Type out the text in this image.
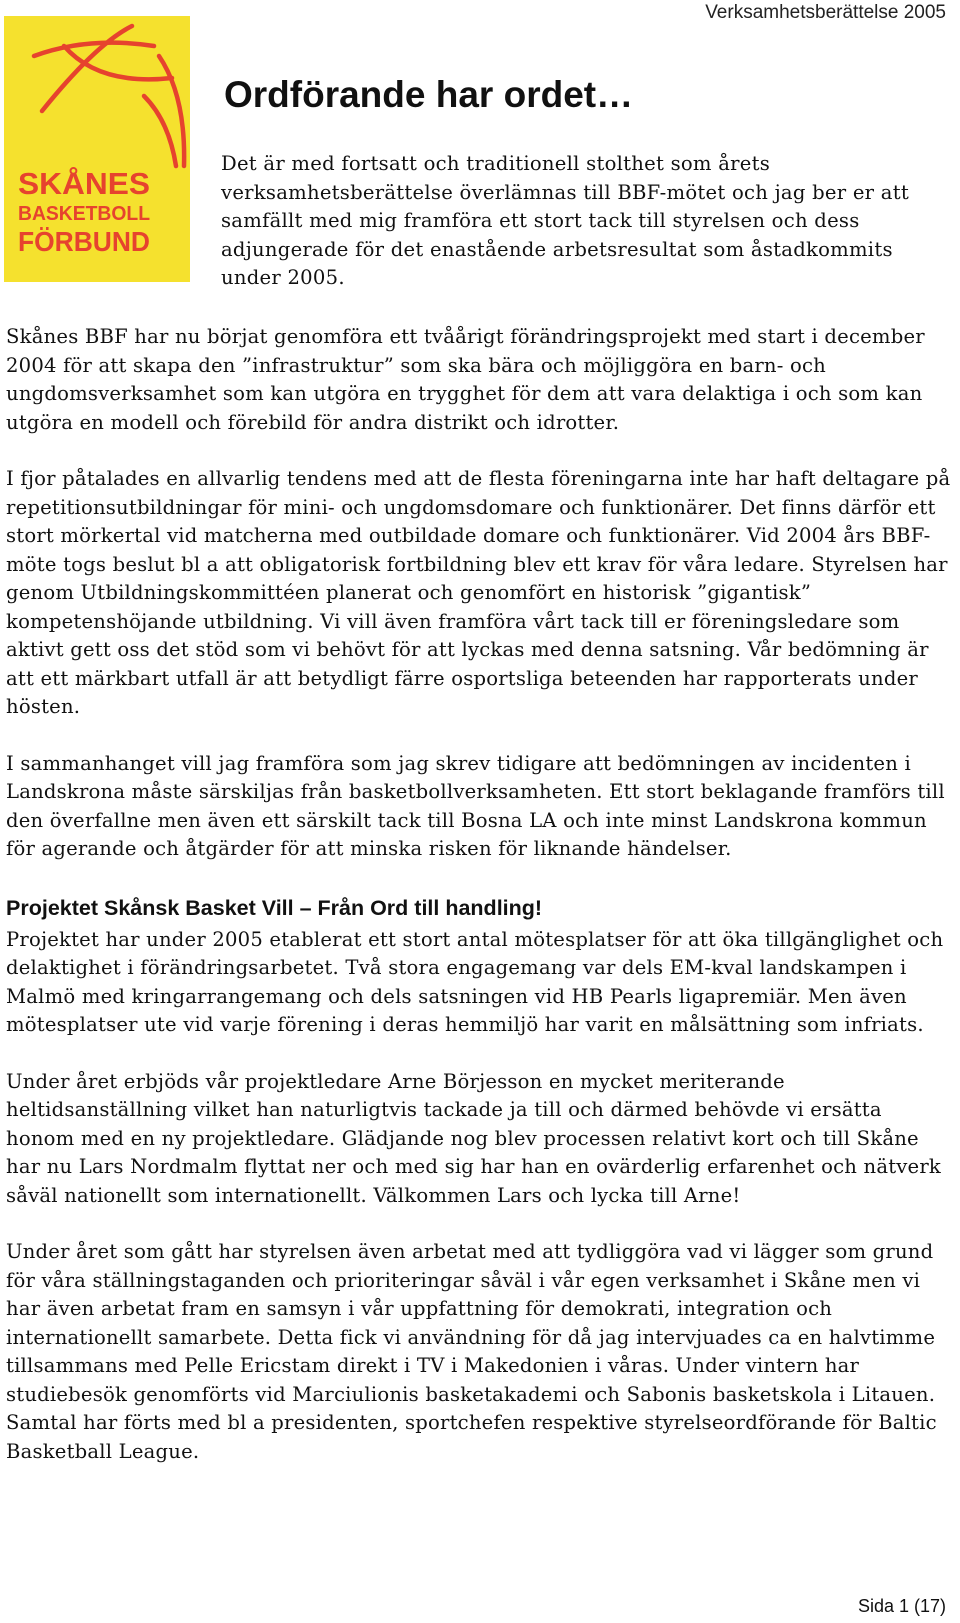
Verksamhetsberättelse 2005
SKÅNES
BASKETBOLL
FÖRBUND
Ordförande har ordet…

Det är med fortsatt och traditionell stolthet som årets verksamhetsberättelse överlämnas till BBF-mötet och jag ber er att samfällt med mig framföra ett stort tack till styrelsen och dess adjungerade för det enastående arbetsresultat som åstadkommits under 2005.

Skånes BBF har nu börjat genomföra ett tvåårigt förändringsprojekt med start i december 2004 för att skapa den ”infrastruktur” som ska bära och möjliggöra en barn- och ungdomsverksamhet som kan utgöra en trygghet för dem att vara delaktiga i och som kan utgöra en modell och förebild för andra distrikt och idrotter.

I fjor påtalades en allvarlig tendens med att de flesta föreningarna inte har haft deltagare på repetitionsutbildningar för mini- och ungdomsdomare och funktionärer. Det finns därför ett stort mörkertal vid matcherna med outbildade domare och funktionärer. Vid 2004 års BBF-möte togs beslut bl a att obligatorisk fortbildning blev ett krav för våra ledare. Styrelsen har genom Utbildningskommittéen planerat och genomfört en historisk ”gigantisk” kompetenshöjande utbildning. Vi vill även framföra vårt tack till er föreningsledare som aktivt gett oss det stöd som vi behövt för att lyckas med denna satsning. Vår bedömning är att ett märkbart utfall är att betydligt färre osportsliga beteenden har rapporterats under hösten.

I sammanhanget vill jag framföra som jag skrev tidigare att bedömningen av incidenten i Landskrona måste särskiljas från basketbollverksamheten. Ett stort beklagande framförs till den överfallne men även ett särskilt tack till Bosna LA och inte minst Landskrona kommun för agerande och åtgärder för att minska risken för liknande händelser.

Projektet Skånsk Basket Vill – Från Ord till handling!

Projektet har under 2005 etablerat ett stort antal mötesplatser för att öka tillgänglighet och delaktighet i förändringsarbetet. Två stora engagemang var dels EM-kval landskampen i Malmö med kringarrangemang och dels satsningen vid HB Pearls ligapremiär. Men även mötesplatser ute vid varje förening i deras hemmiljö har varit en målsättning som infriats.

Under året erbjöds vår projektledare Arne Börjesson en mycket meriterande heltidsanställning vilket han naturligtvis tackade ja till och därmed behövde vi ersätta honom med en ny projektledare. Glädjande nog blev processen relativt kort och till Skåne har nu Lars Nordmalm flyttat ner och med sig har han en ovärderlig erfarenhet och nätverk såväl nationellt som internationellt. Välkommen Lars och lycka till Arne!

Under året som gått har styrelsen även arbetat med att tydliggöra vad vi lägger som grund för våra ställningstaganden och prioriteringar såväl i vår egen verksamhet i Skåne men vi har även arbetat fram en samsyn i vår uppfattning för demokrati, integration och internationellt samarbete. Detta fick vi användning för då jag intervjuades ca en halvtimme tillsammans med Pelle Ericstam direkt i TV i Makedonien i våras. Under vintern har studiebesök genomförts vid Marciulionis basketakademi och Sabonis basketskola i Litauen. Samtal har förts med bl a presidenten, sportchefen respektive styrelseordförande för Baltic Basketball League.

Sida 1 (17)
